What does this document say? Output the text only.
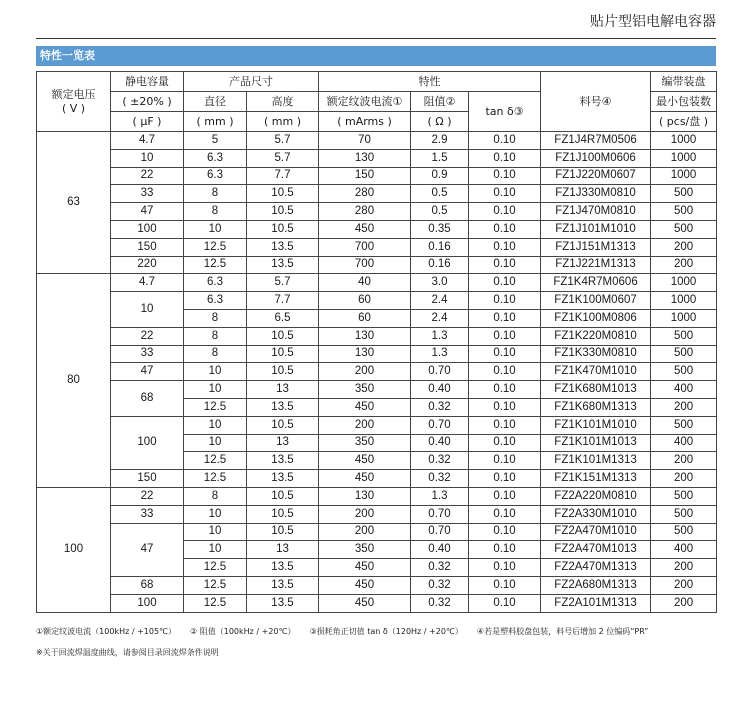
贴片型铝电解电容器
特性一览表
额定电压
( V )	静电容量	产品尺寸		特性			料号④	编带装盘
	( ±20% )	直径	高度	额定纹波电流①	阻值②	tan δ③		最小包装数
	( μF )	( mm )	( mm )	( mArms )	( Ω )			( pcs/盘 )
63	4.7	5	5.7	70	2.9	0.10	FZ1J4R7M0506	1000
	10	6.3	5.7	130	1.5	0.10	FZ1J100M0606	1000
	22	6.3	7.7	150	0.9	0.10	FZ1J220M0607	1000
	33	8	10.5	280	0.5	0.10	FZ1J330M0810	500
	47	8	10.5	280	0.5	0.10	FZ1J470M0810	500
	100	10	10.5	450	0.35	0.10	FZ1J101M1010	500
	150	12.5	13.5	700	0.16	0.10	FZ1J151M1313	200
	220	12.5	13.5	700	0.16	0.10	FZ1J221M1313	200
80	4.7	6.3	5.7	40	3.0	0.10	FZ1K4R7M0606	1000
	10	6.3	7.7	60	2.4	0.10	FZ1K100M0607	1000
		8	6.5	60	2.4	0.10	FZ1K100M0806	1000
	22	8	10.5	130	1.3	0.10	FZ1K220M0810	500
	33	8	10.5	130	1.3	0.10	FZ1K330M0810	500
	47	10	10.5	200	0.70	0.10	FZ1K470M1010	500
	68	10	13	350	0.40	0.10	FZ1K680M1013	400
		12.5	13.5	450	0.32	0.10	FZ1K680M1313	200
	100	10	10.5	200	0.70	0.10	FZ1K101M1010	500
		10	13	350	0.40	0.10	FZ1K101M1013	400
		12.5	13.5	450	0.32	0.10	FZ1K101M1313	200
	150	12.5	13.5	450	0.32	0.10	FZ1K151M1313	200
100	22	8	10.5	130	1.3	0.10	FZ2A220M0810	500
	33	10	10.5	200	0.70	0.10	FZ2A330M1010	500
	47	10	10.5	200	0.70	0.10	FZ2A470M1010	500
		10	13	350	0.40	0.10	FZ2A470M1013	400
		12.5	13.5	450	0.32	0.10	FZ2A470M1313	200
	68	12.5	13.5	450	0.32	0.10	FZ2A680M1313	200
	100	12.5	13.5	450	0.32	0.10	FZ2A101M1313	200
①额定纹波电流（100kHz / +105℃） ② 阻值（100kHz / +20℃） ③损耗角正切值 tan δ（120Hz / +20℃） ④若是塑料胶盘包装，料号后增加 2 位编码“PR”
※关于回流焊温度曲线，请参阅目录回流焊条件说明
